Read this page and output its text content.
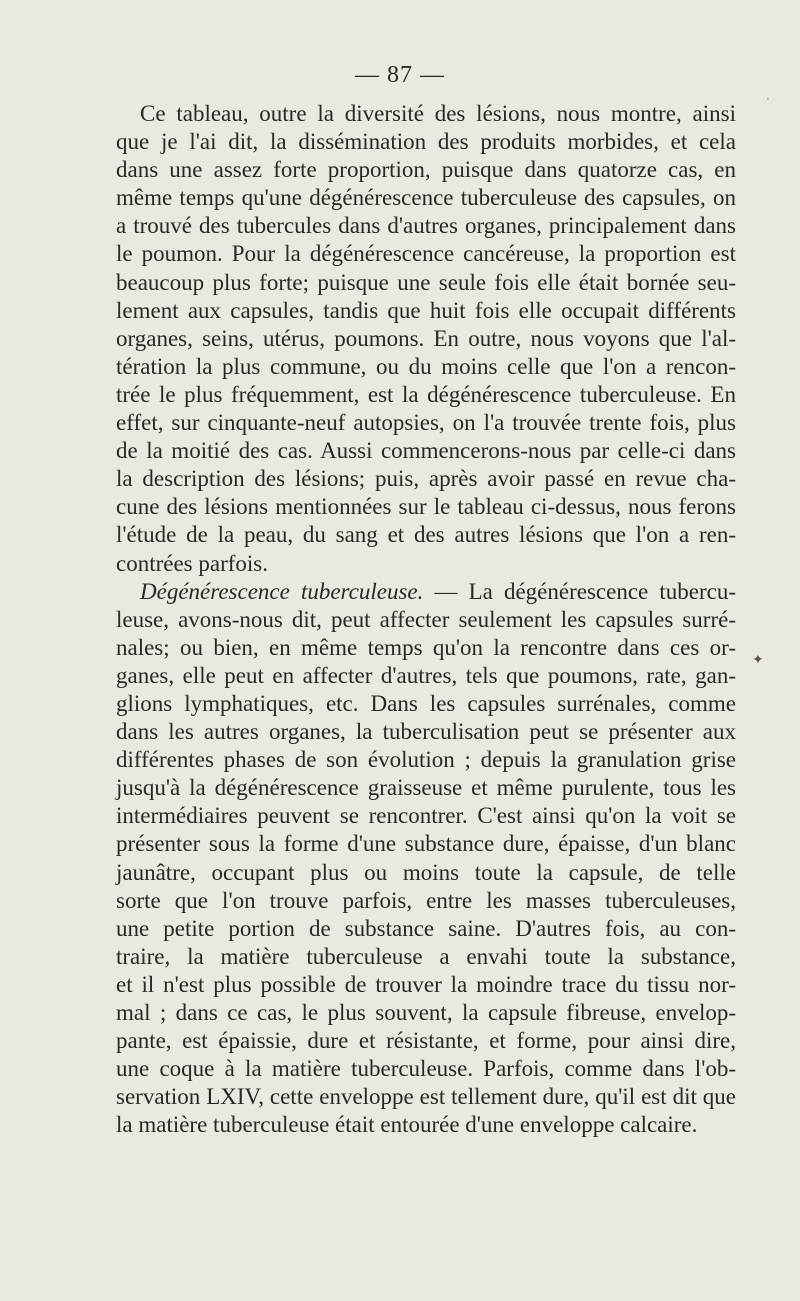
— 87 —
Ce tableau, outre la diversité des lésions, nous montre, ainsi
que je l'ai dit, la dissémination des produits morbides, et cela
dans une assez forte proportion, puisque dans quatorze cas, en
même temps qu'une dégénérescence tuberculeuse des capsules, on
a trouvé des tubercules dans d'autres organes, principalement dans
le poumon. Pour la dégénérescence cancéreuse, la proportion est
beaucoup plus forte; puisque une seule fois elle était bornée seu-
lement aux capsules, tandis que huit fois elle occupait différents
organes, seins, utérus, poumons. En outre, nous voyons que l'al-
tération la plus commune, ou du moins celle que l'on a rencon-
trée le plus fréquemment, est la dégénérescence tuberculeuse. En
effet, sur cinquante-neuf autopsies, on l'a trouvée trente fois, plus
de la moitié des cas. Aussi commencerons-nous par celle-ci dans
la description des lésions; puis, après avoir passé en revue cha-
cune des lésions mentionnées sur le tableau ci-dessus, nous ferons
l'étude de la peau, du sang et des autres lésions que l'on a ren-
contrées parfois.
Dégénérescence tuberculeuse. — La dégénérescence tubercu-
leuse, avons-nous dit, peut affecter seulement les capsules surré-
nales; ou bien, en même temps qu'on la rencontre dans ces or-
ganes, elle peut en affecter d'autres, tels que poumons, rate, gan-
glions lymphatiques, etc. Dans les capsules surrénales, comme
dans les autres organes, la tuberculisation peut se présenter aux
différentes phases de son évolution ; depuis la granulation grise
jusqu'à la dégénérescence graisseuse et même purulente, tous les
intermédiaires peuvent se rencontrer. C'est ainsi qu'on la voit se
présenter sous la forme d'une substance dure, épaisse, d'un blanc
jaunâtre, occupant plus ou moins toute la capsule, de telle
sorte que l'on trouve parfois, entre les masses tuberculeuses,
une petite portion de substance saine. D'autres fois, au con-
traire, la matière tuberculeuse a envahi toute la substance,
et il n'est plus possible de trouver la moindre trace du tissu nor-
mal ; dans ce cas, le plus souvent, la capsule fibreuse, envelop-
pante, est épaissie, dure et résistante, et forme, pour ainsi dire,
une coque à la matière tuberculeuse. Parfois, comme dans l'ob-
servation LXIV, cette enveloppe est tellement dure, qu'il est dit que
la matière tuberculeuse était entourée d'une enveloppe calcaire.
✦
·
